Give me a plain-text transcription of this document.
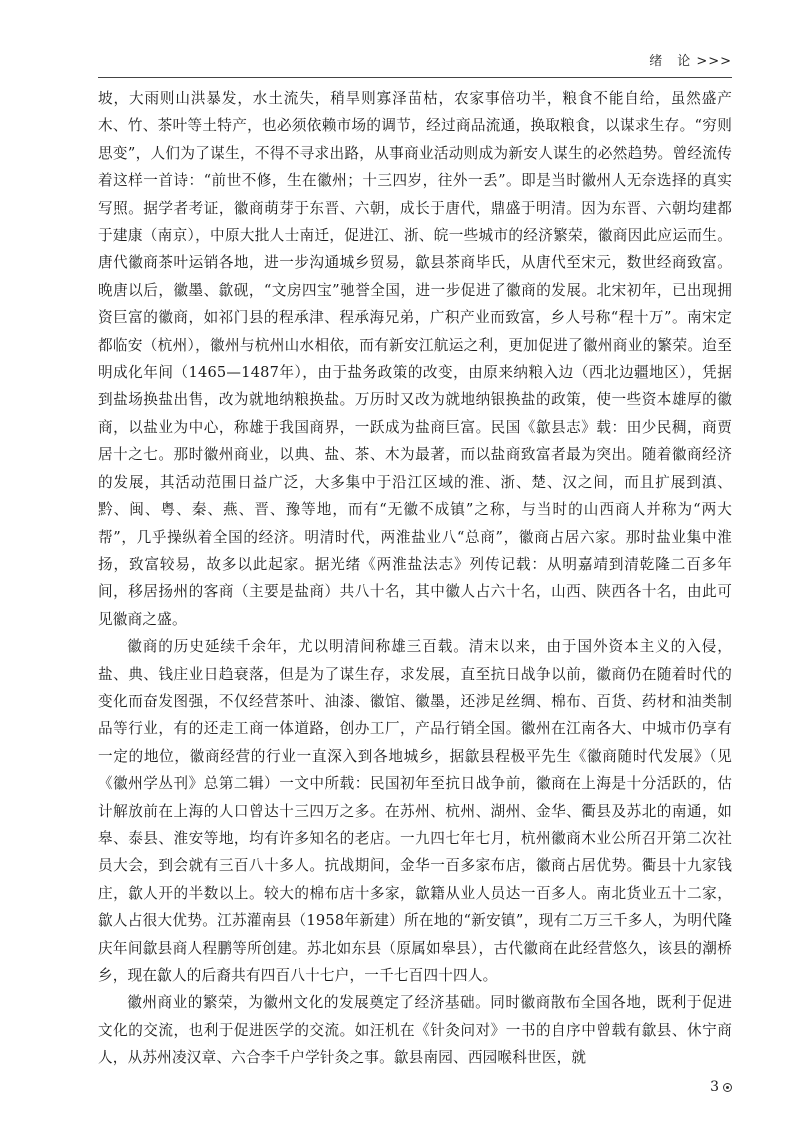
绪　论 >>>

坡，大雨则山洪暴发，水土流失，稍旱则寡泽苗枯，农家事倍功半，粮食不能自给，虽然盛产木、竹、茶叶等土特产，也必须依赖市场的调节，经过商品流通，换取粮食，以谋求生存。“穷则思变”，人们为了谋生，不得不寻求出路，从事商业活动则成为新安人谋生的必然趋势。曾经流传着这样一首诗：“前世不修，生在徽州；十三四岁，往外一丢”。即是当时徽州人无奈选择的真实写照。据学者考证，徽商萌芽于东晋、六朝，成长于唐代，鼎盛于明清。因为东晋、六朝均建都于建康（南京），中原大批人士南迁，促进江、浙、皖一些城市的经济繁荣，徽商因此应运而生。唐代徽商茶叶运销各地，进一步沟通城乡贸易，歙县茶商毕氏，从唐代至宋元，数世经商致富。晚唐以后，徽墨、歙砚，“文房四宝”驰誉全国，进一步促进了徽商的发展。北宋初年，已出现拥资巨富的徽商，如祁门县的程承津、程承海兄弟，广积产业而致富，乡人号称“程十万”。南宋定都临安（杭州），徽州与杭州山水相依，而有新安江航运之利，更加促进了徽州商业的繁荣。迨至明成化年间（1465—1487年），由于盐务政策的改变，由原来纳粮入边（西北边疆地区），凭据到盐场换盐出售，改为就地纳粮换盐。万历时又改为就地纳银换盐的政策，使一些资本雄厚的徽商，以盐业为中心，称雄于我国商界，一跃成为盐商巨富。民国《歙县志》载：田少民稠，商贾居十之七。那时徽州商业，以典、盐、茶、木为最著，而以盐商致富者最为突出。随着徽商经济的发展，其活动范围日益广泛，大多集中于沿江区域的淮、浙、楚、汉之间，而且扩展到滇、黔、闽、粤、秦、燕、晋、豫等地，而有“无徽不成镇”之称，与当时的山西商人并称为“两大帮”，几乎操纵着全国的经济。明清时代，两淮盐业八“总商”，徽商占居六家。那时盐业集中淮扬，致富较易，故多以此起家。据光绪《两淮盐法志》列传记载：从明嘉靖到清乾隆二百多年间，移居扬州的客商（主要是盐商）共八十名，其中徽人占六十名，山西、陕西各十名，由此可见徽商之盛。

徽商的历史延续千余年，尤以明清间称雄三百载。清末以来，由于国外资本主义的入侵，盐、典、钱庄业日趋衰落，但是为了谋生存，求发展，直至抗日战争以前，徽商仍在随着时代的变化而奋发图强，不仅经营茶叶、油漆、徽馆、徽墨，还涉足丝绸、棉布、百货、药材和油类制品等行业，有的还走工商一体道路，创办工厂，产品行销全国。徽州在江南各大、中城市仍享有一定的地位，徽商经营的行业一直深入到各地城乡，据歙县程极平先生《徽商随时代发展》（见《徽州学丛刊》总第二辑）一文中所载：民国初年至抗日战争前，徽商在上海是十分活跃的，估计解放前在上海的人口曾达十三四万之多。在苏州、杭州、湖州、金华、衢县及苏北的南通，如皋、泰县、淮安等地，均有许多知名的老店。一九四七年七月，杭州徽商木业公所召开第二次社员大会，到会就有三百八十多人。抗战期间，金华一百多家布店，徽商占居优势。衢县十九家钱庄，歙人开的半数以上。较大的棉布店十多家，歙籍从业人员达一百多人。南北货业五十二家，歙人占很大优势。江苏灌南县（1958年新建）所在地的“新安镇”，现有二万三千多人，为明代隆庆年间歙县商人程鹏等所创建。苏北如东县（原属如皋县），古代徽商在此经营悠久，该县的潮桥乡，现在歙人的后裔共有四百八十七户，一千七百四十四人。

徽州商业的繁荣，为徽州文化的发展奠定了经济基础。同时徽商散布全国各地，既利于促进文化的交流，也利于促进医学的交流。如汪机在《针灸问对》一书的自序中曾载有歙县、休宁商人，从苏州凌汉章、六合李千户学针灸之事。歙县南园、西园喉科世医，就

3
